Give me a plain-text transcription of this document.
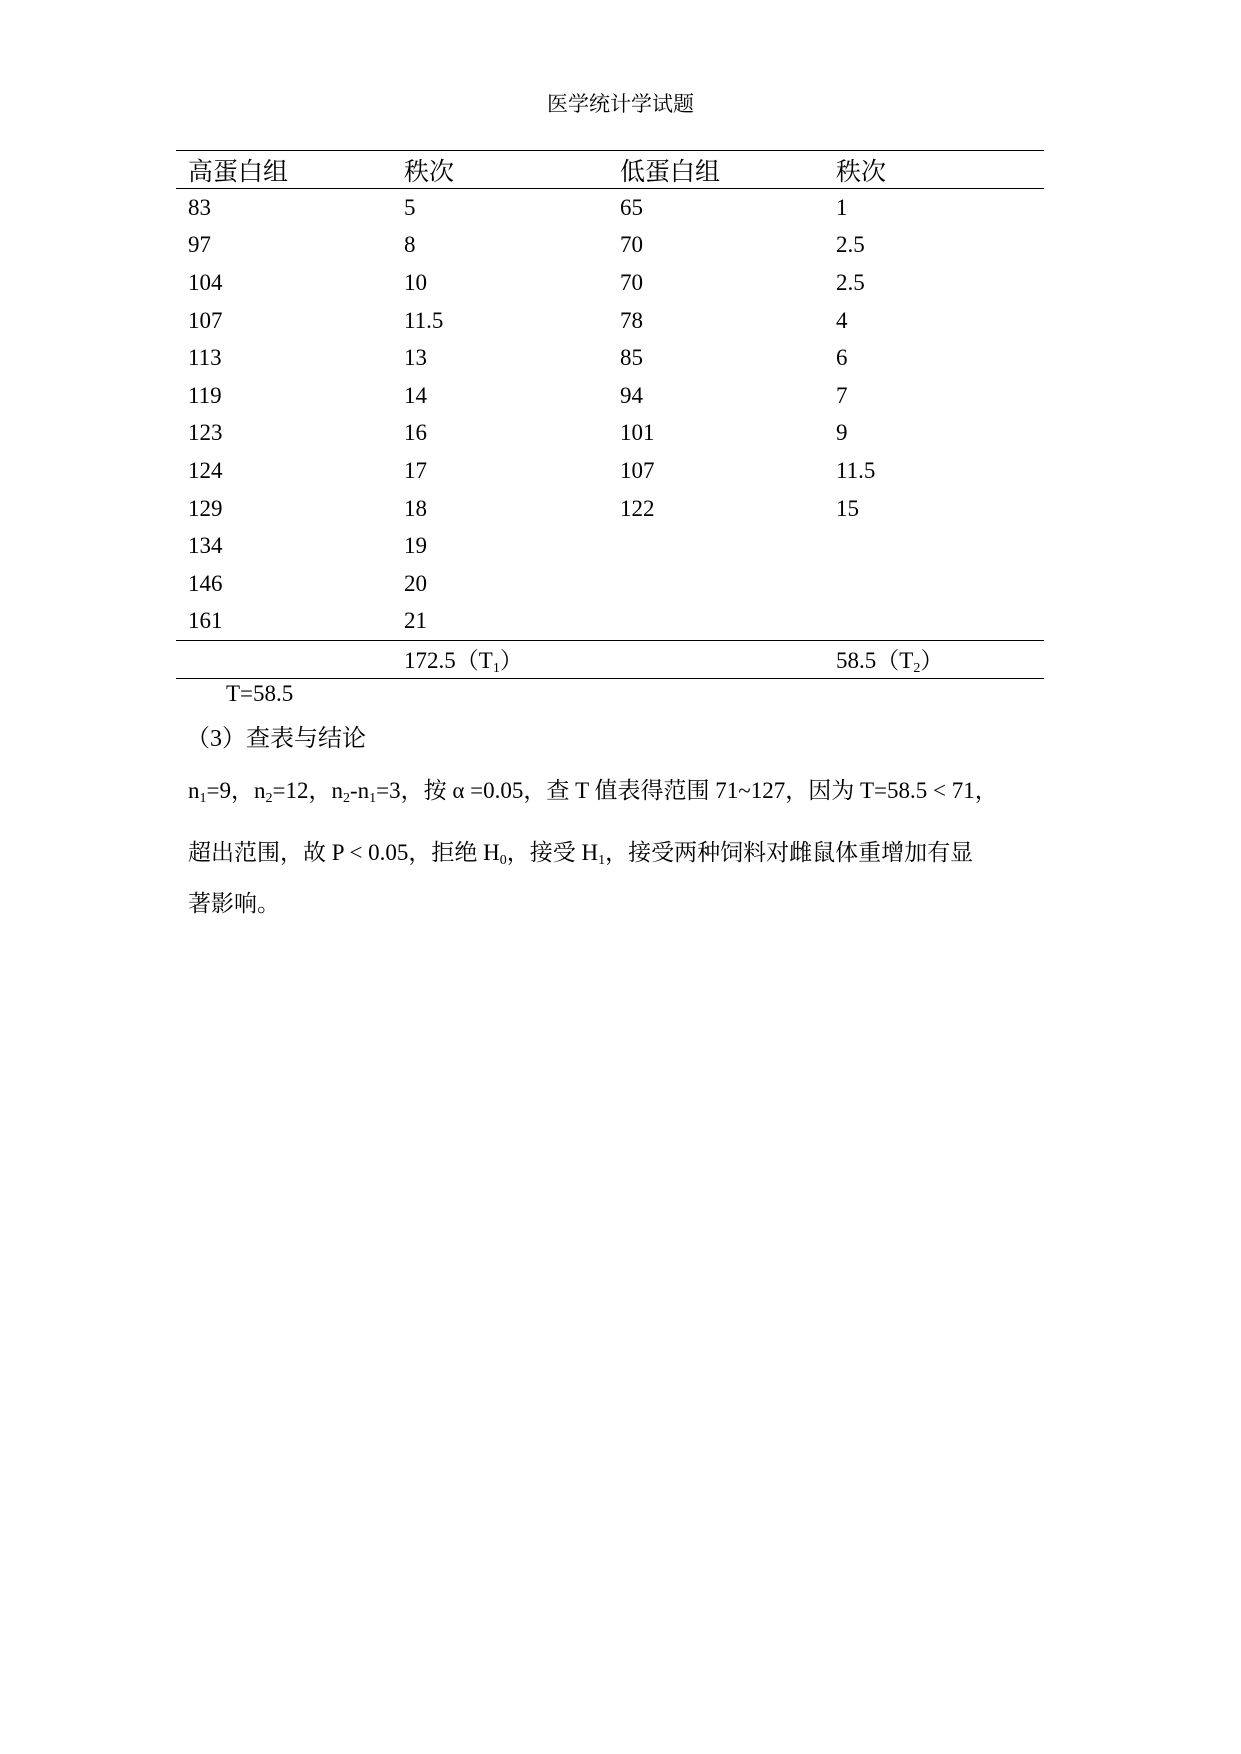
医学统计学试题
高蛋白组	秩次	低蛋白组	秩次
83	5	65	1
97	8	70	2.5
104	10	70	2.5
107	11.5	78	4
113	13	85	6
119	14	94	7
123	16	101	9
124	17	107	11.5
129	18	122	15
134	19		
146	20		
161	21		
	$172.5(T_1)$		$58.5(T_2)$
T=58.5
（3）查表与结论
$n_1=9$，$n_2=12$，$n_2-n_1=3$，按 α =0.05，查 T 值表得范围 71~127，因为 T=58.5 < 71，
超出范围，故 P < 0.05，拒绝 $H_0$，接受 $H_1$，接受两种饲料对雌鼠体重增加有显
著影响。
